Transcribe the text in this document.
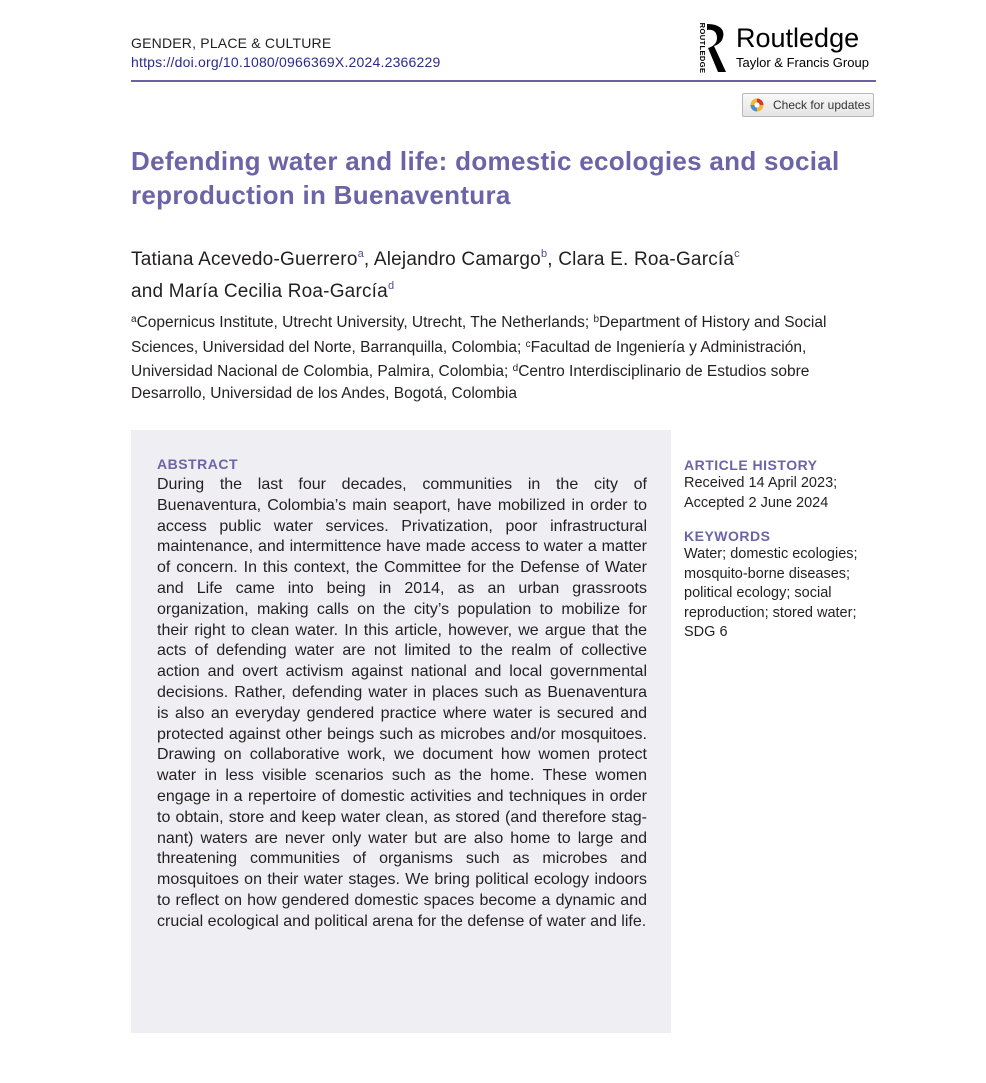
GENDER, PLACE & CULTURE
https://doi.org/10.1080/0966369X.2024.2366229	ROUTLEDGE Routledge
Taylor & Francis Group
Check for updates
Defending water and life: domestic ecologies and social reproduction in Buenaventura
Tatiana Acevedo-Guerrero$^a$, Alejandro Camargo$^b$, Clara E. Roa-García$^c$
and María Cecilia Roa-García$^d$
$^a$Copernicus Institute, Utrecht University, Utrecht, The Netherlands; $^b$Department of History and Social Sciences, Universidad del Norte, Barranquilla, Colombia; $^c$Facultad de Ingeniería y Administración, Universidad Nacional de Colombia, Palmira, Colombia; $^d$Centro Interdisciplinario de Estudios sobre Desarrollo, Universidad de los Andes, Bogotá, Colombia
ABSTRACT

During the last four decades, communities in the city of Buenaventura, Colombia’s main seaport, have mobilized in order to access public water services. Privatization, poor infrastructural maintenance, and intermittence have made access to water a matter of concern. In this context, the Committee for the Defense of Water and Life came into being in 2014, as an urban grassroots organization, making calls on the city’s population to mobilize for their right to clean water. In this article, however, we argue that the acts of defending water are not limited to the realm of collective action and overt activism against national and local governmental decisions. Rather, defending water in places such as Buenaventura is also an everyday gendered practice where water is secured and protected against other beings such as microbes and/or mosquitoes. Drawing on collaborative work, we document how women protect water in less visible scenarios such as the home. These women engage in a repertoire of domestic activities and techniques in order to obtain, store and keep water clean, as stored (and therefore stagnant) waters are never only water but are also home to large and threatening communities of organisms such as microbes and mosquitoes on their water stages. We bring political ecology indoors to reflect on how gendered domestic spaces become a dynamic and crucial ecological and political arena for the defense of water and life.

ARTICLE HISTORY
Received 14 April 2023;
Accepted 2 June 2024
KEYWORDS
Water; domestic ecologies; mosquito-borne diseases; political ecology; social reproduction; stored water; SDG 6
